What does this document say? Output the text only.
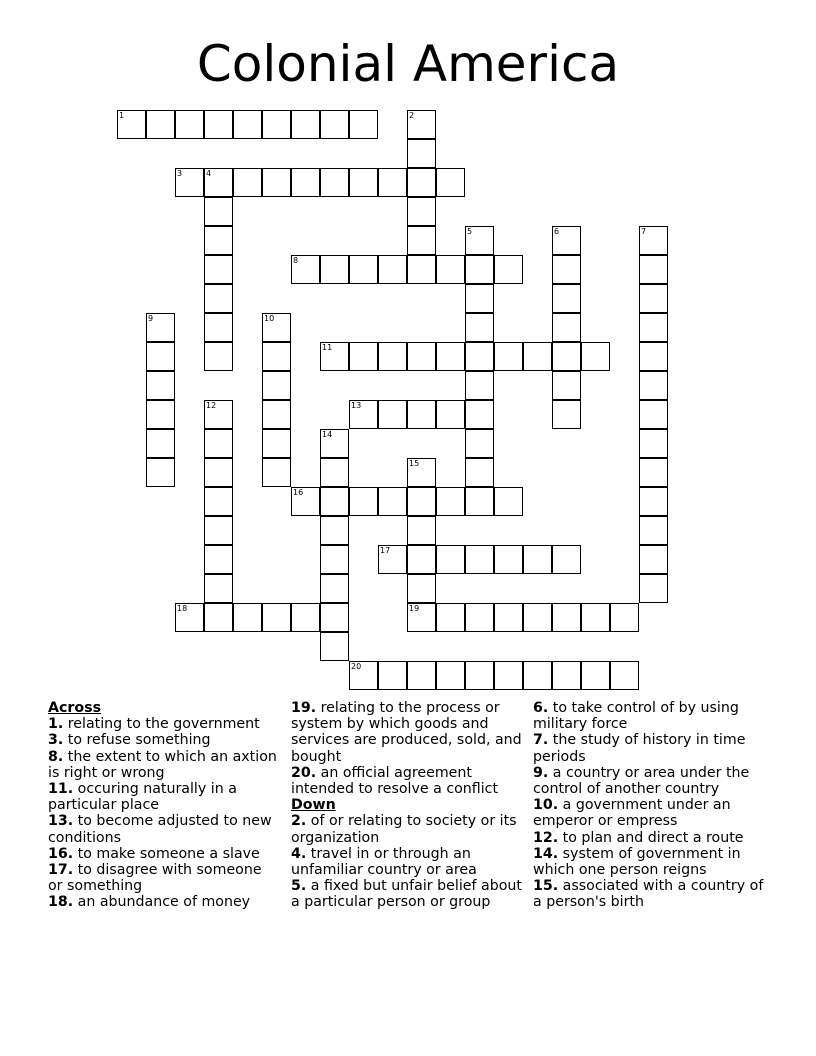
Colonial America
1	2
3	4
5	6	7
8
9	10
11
12	13
14
15
16
17
18	19
20
Across
1. relating to the government
3. to refuse something
8. the extent to which an axtion is right or wrong
11. occuring naturally in a particular place
13. to become adjusted to new conditions
16. to make someone a slave
17. to disagree with someone or something
18. an abundance of money
19. relating to the process or system by which goods and services are produced, sold, and bought
20. an official agreement intended to resolve a conflict
Down
2. of or relating to society or its organization
4. travel in or through an unfamiliar country or area
5. a fixed but unfair belief about a particular person or group
6. to take control of by using military force
7. the study of history in time periods
9. a country or area under the control of another country
10. a government under an emperor or empress
12. to plan and direct a route
14. system of government in which one person reigns
15. associated with a country of a person's birth
